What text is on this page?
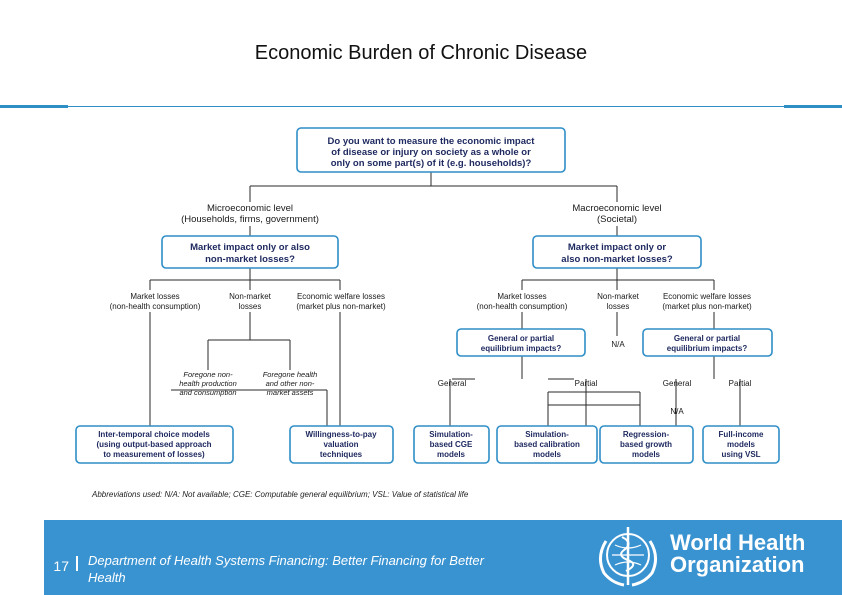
Economic Burden of Chronic Disease
Do you want to measure the economic impact
of disease or injury on society as a whole or
only on some part(s) of it (e.g. households)?
Microeconomic level
(Households, firms, government)
Macroeconomic level
(Societal)
Market impact only or also
non-market losses?
Market impact only or
also non-market losses?
Market losses
(non-health consumption)
Non-market
losses
Economic welfare losses
(market plus non-market)
Market losses
(non-health consumption)
Non-market
losses
Economic welfare losses
(market plus non-market)
Foregone non-
health production
and consumption
Foregone health
and other non-
market assets
General or partial
equilibrium impacts?
General or partial
equilibrium impacts?
N/A
General	Partial	General	Partial
N/A
Inter-temporal choice models
(using output-based approach
to measurement of losses)
Willingness-to-pay
valuation
techniques
Simulation-
based CGE
models
Simulation-
based calibration
models
Regression-
based growth
models
Full-income
models
using VSL
Abbreviations used: N/A: Not available; CGE: Computable general equilibrium; VSL: Value of statistical life
17 Department of Health Systems Financing: Better Financing for Better Health
World Health
Organization
